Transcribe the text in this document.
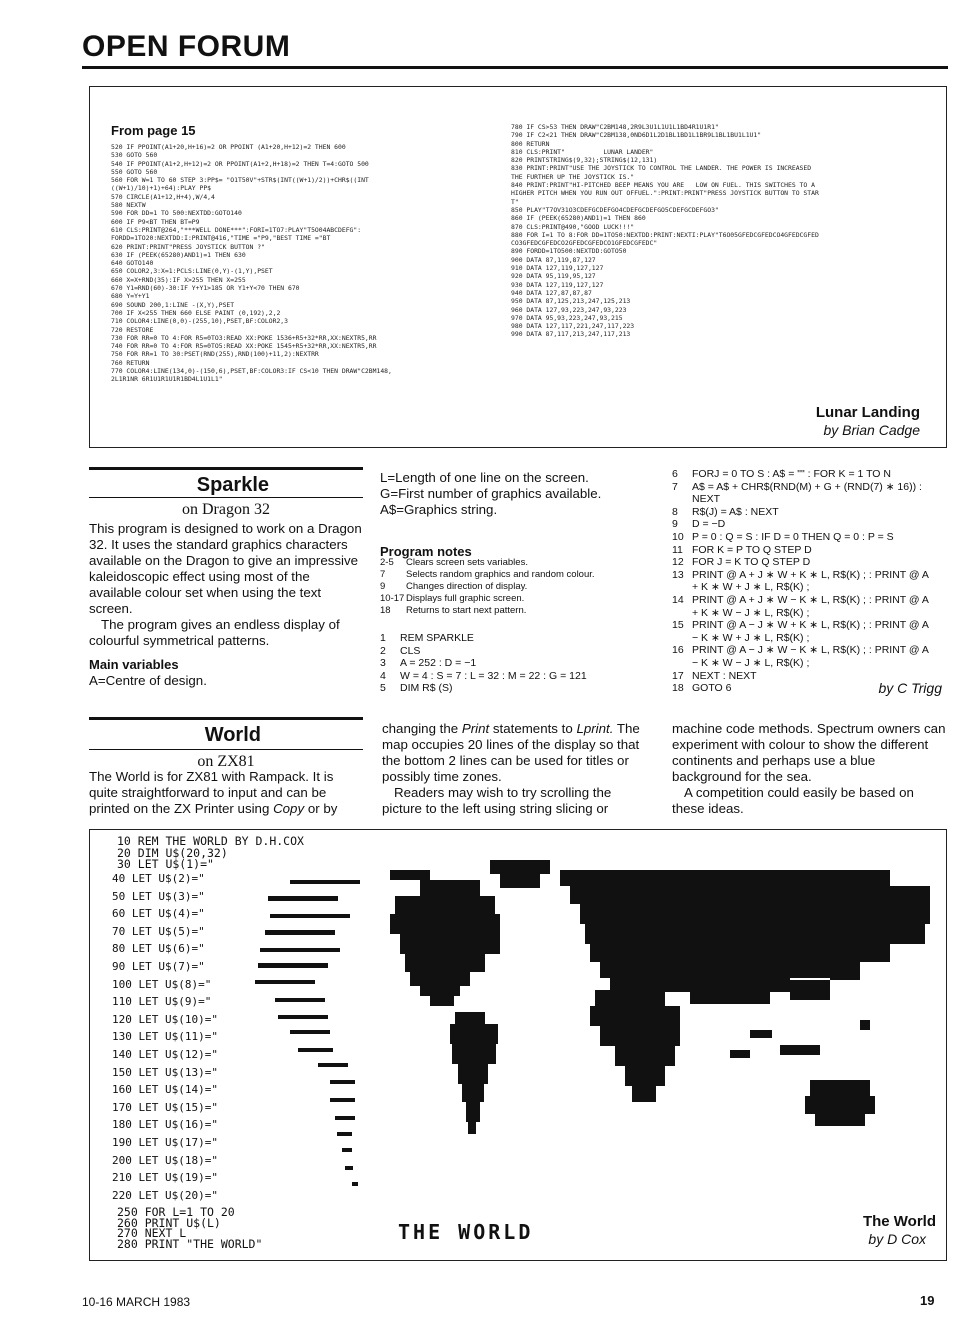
OPEN FORUM
From page 15
520 IF PPOINT(A1+20,H+16)=2 OR PPOINT (A1+20,H+12)=2 THEN 600
530 GOTO 560
540 IF PPOINT(A1+2,H+12)=2 OR PPOINT(A1+2,H+18)=2 THEN T=4:GOTO 500
550 GOTO 560
560 FOR W=1 TO 60 STEP 3:PP$= "O1T50V"+STR$(INT((W+1)/2))+CHR$((INT
((W+1)/10)+1)+64):PLAY PP$
570 CIRCLE(A1+12,H+4),W/4,4
580 NEXTW
590 FOR DD=1 TO 500:NEXTDD:GOTO140
600 IF P9<BT THEN BT=P9
610 CLS:PRINT@264,"***WELL DONE***":FORI=1TO7:PLAY"T5O04ABCDEFG":
FORDD=1TO20:NEXTDD:I:PRINT@416,"TIME ="P9,"BEST TIME ="BT
620 PRINT:PRINT"PRESS JOYSTICK BUTTON ?"
630 IF (PEEK(65280)AND1)=1 THEN 630
640 GOTO140
650 COLOR2,3:X=1:PCLS:LINE(0,Y)-(1,Y),PSET
660 X=X+RND(35):IF X>255 THEN X=255
670 Y1=RND(60)-30:IF Y+Y1>185 OR Y1+Y<70 THEN 670
680 Y=Y+Y1
690 SOUND 200,1:LINE -(X,Y),PSET
700 IF X<255 THEN 660 ELSE PAINT (0,192),2,2
710 COLOR4:LINE(0,0)-(255,10),PSET,BF:COLOR2,3
720 RESTORE
730 FOR RR=0 TO 4:FOR R5=0TO3:READ XX:POKE 1536+R5+32*RR,XX:NEXTR5,RR
740 FOR RR=0 TO 4:FOR R5=0TO5:READ XX:POKE 1545+R5+32*RR,XX:NEXTR5,RR
750 FOR RR=1 TO 30:PSET(RND(255),RND(100)+11,2):NEXTRR
760 RETURN
770 COLOR4:LINE(134,0)-(150,6),PSET,BF:COLOR3:IF CS<10 THEN DRAW"C2BM148,
2L1R1NR 6R1U1R1U1R1BD4L1U1L1"
780 IF CS>53 THEN DRAW"C2BM148,2R9L3U1L1U1L1BD4R1U1R1"
790 IF C2<21 THEN DRAW"C2BM138,0ND6D1L2D1BL1BD1L1BR9L1BL1BU1L1U1"
800 RETURN
810 CLS:PRINT"          LUNAR LANDER"
820 PRINTSTRING$(9,32);STRING$(12,131)
830 PRINT:PRINT"USE THE JOYSTICK TO CONTROL THE LANDER. THE POWER IS INCREASED
THE FURTHER UP THE JOYSTICK IS."
840 PRINT:PRINT"HI-PITCHED BEEP MEANS YOU ARE   LOW ON FUEL. THIS SWITCHES TO A
HIGHER PITCH WHEN YOU RUN OUT OFFUEL.":PRINT:PRINT"PRESS JOYSTICK BUTTON TO STAR
T"
850 PLAY"T7OV31O3CDEFGCDEFGO4CDEFGCDEFGO5CDEFGCDEFGO3"
860 IF (PEEK(65280)AND1)=1 THEN 860
870 CLS:PRINT@490,"GOOD LUCK!!!"
880 FOR I=1 TO 8:FOR DD=1TO50:NEXTDD:PRINT:NEXTI:PLAY"T6O05GFEDCGFEDCO4GFEDCGFED
CO3GFEDCGFEDCO2GFEDCGFEDCO1GFEDCGFEDC"
890 FORDD=1TO500:NEXTDD:GOTO50
900 DATA 87,119,87,127
910 DATA 127,119,127,127
920 DATA 95,119,95,127
930 DATA 127,119,127,127
940 DATA 127,87,87,87
950 DATA 87,125,213,247,125,213
960 DATA 127,93,223,247,93,223
970 DATA 95,93,223,247,93,215
980 DATA 127,117,221,247,117,223
990 DATA 87,117,213,247,117,213
Lunar Landing
by Brian Cadge
Sparkle
on Dragon 32

This program is designed to work on a Dragon 32. It uses the standard graphics characters available on the Dragon to give an impressive kaleidoscopic effect using most of the available colour set when using the text screen.

The program gives an endless display of colourful symmetrical patterns.

Main variables

A=Centre of design.

L=Length of one line on the screen.

G=First number of graphics available.

A$=Graphics string.

Program notes
2-5	Clears screen sets variables.
7	Selects random graphics and random colour.
9	Changes direction of display.
10-17 Displays full graphic screen.
18	Returns to start next pattern.
1	REM SPARKLE
2	CLS
3	A = 252 : D = −1
4	W = 4 : S = 7 : L = 32 : M = 22 : G = 121
5	DIM R$ (S)
6	FORJ = 0 TO S : A$ = "" : FOR K = 1 TO N
7	A$ = A$ + CHR$(RND(M) + G + (RND(7) ∗ 16)) :
NEXT
8	R$(J) = A$ : NEXT
9	D = −D
10 P = 0 : Q = S : IF D = 0 THEN Q = 0 : P = S
11 FOR K = P TO Q STEP D
12 FOR J = K TO Q STEP D
13 PRINT @ A + J ∗ W + K ∗ L, R$(K) ; : PRINT @ A
+ K ∗ W + J ∗ L, R$(K) ;
14 PRINT @ A + J ∗ W − K ∗ L, R$(K) ; : PRINT @ A
+ K ∗ W − J ∗ L, R$(K) ;
15 PRINT @ A − J ∗ W + K ∗ L, R$(K) ; : PRINT @ A
− K ∗ W + J ∗ L, R$(K) ;
16 PRINT @ A − J ∗ W − K ∗ L, R$(K) ; : PRINT @ A
− K ∗ W − J ∗ L, R$(K) ;
17 NEXT : NEXT
18 GOTO 6	by C Trigg
World
on ZX81
The World is for ZX81 with Rampack. It is quite straightforward to input and can be printed on the ZX Printer using Copy or by

changing the Print statements to Lprint. The map occupies 20 lines of the display so that the bottom 2 lines can be used for titles or possibly time zones.

Readers may wish to try scrolling the picture to the left using string slicing or

machine code methods. Spectrum owners can experiment with colour to show the different continents and perhaps use a blue background for the sea.

A competition could easily be based on these ideas.

10 REM THE WORLD BY D.H.COX
20 DIM U$(20,32)
30 LET U$(1)="
40 LET U$(2)="
50 LET U$(3)="
60 LET U$(4)="
70 LET U$(5)="
80 LET U$(6)="
90 LET U$(7)="
100 LET U$(8)="
110 LET U$(9)="
120 LET U$(10)="
130 LET U$(11)="
140 LET U$(12)="
150 LET U$(13)="
160 LET U$(14)="
170 LET U$(15)="
180 LET U$(16)="
190 LET U$(17)="
200 LET U$(18)="
210 LET U$(19)="
220 LET U$(20)="
250 FOR L=1 TO 20
260 PRINT U$(L)
270 NEXT L
280 PRINT "THE WORLD"	THE WORLD	The World
by D Cox
10-16 MARCH 1983	19
